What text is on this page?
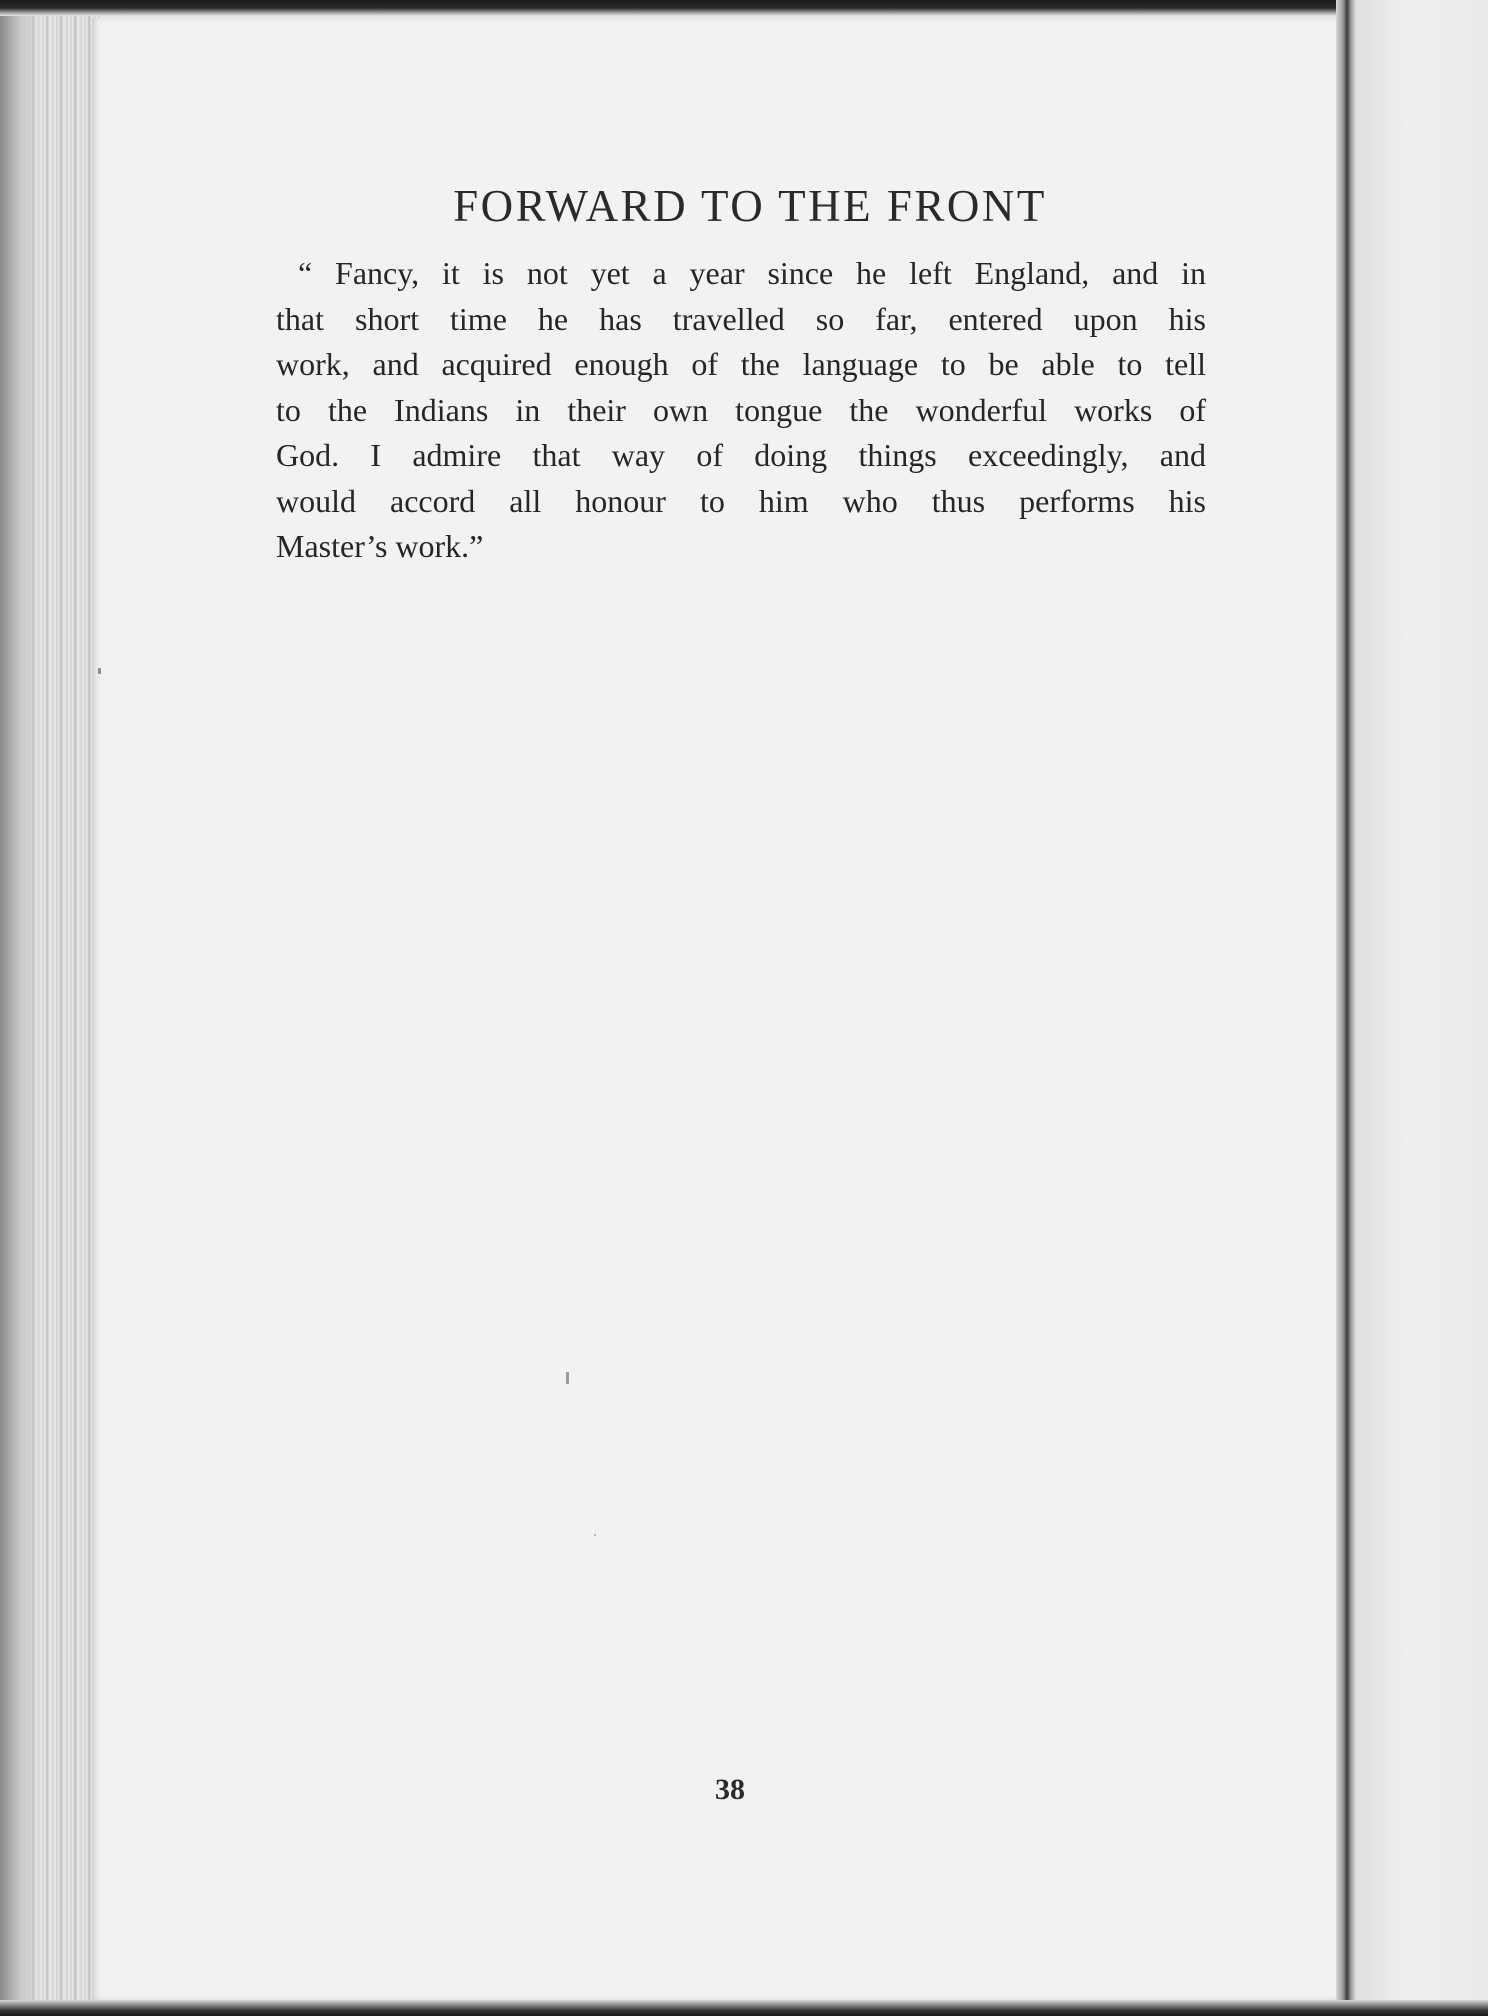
FORWARD TO THE FRONT
“ Fancy, it is not yet a year since he left England, and in
that short time he has travelled so far, entered upon his
work, and acquired enough of the language to be able to tell
to the Indians in their own tongue the wonderful works of
God. I admire that way of doing things exceedingly, and
would accord all honour to him who thus performs his
Master’s work.”
38
